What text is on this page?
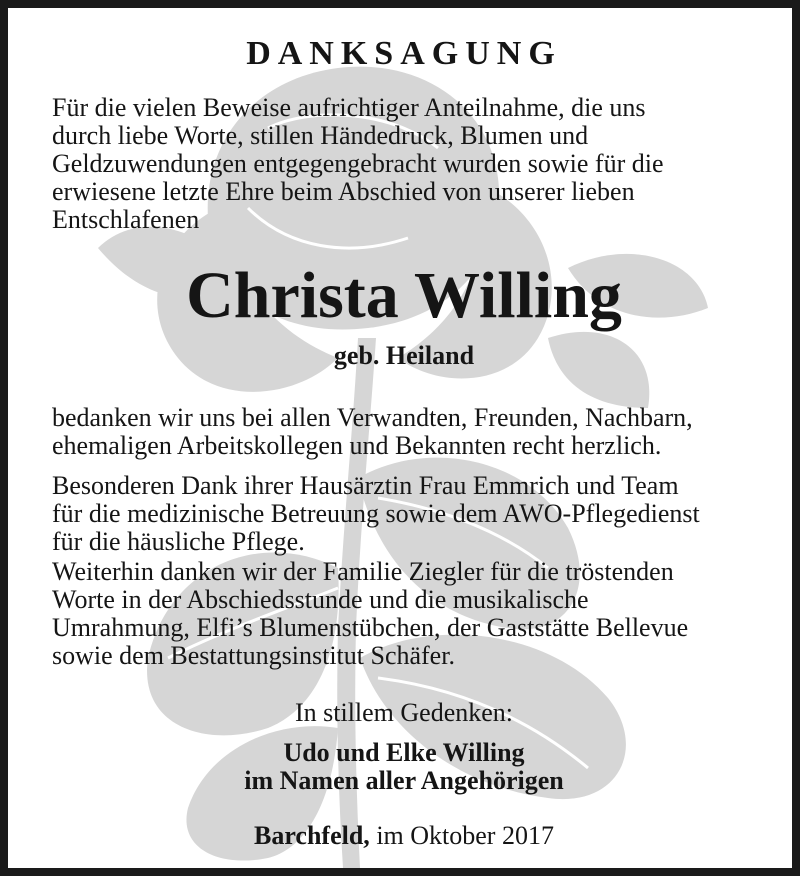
DANKSAGUNG

Für die vielen Beweise aufrichtiger Anteilnahme, die uns
durch liebe Worte, stillen Händedruck, Blumen und
Geldzuwendungen entgegengebracht wurden sowie für die
erwiesene letzte Ehre beim Abschied von unserer lieben
Entschlafenen

Christa Willing
geb. Heiland

bedanken wir uns bei allen Verwandten, Freunden, Nachbarn,
ehemaligen Arbeitskollegen und Bekannten recht herzlich.

Besonderen Dank ihrer Hausärztin Frau Emmrich und Team
für die medizinische Betreuung sowie dem AWO-Pflegedienst
für die häusliche Pflege.

Weiterhin danken wir der Familie Ziegler für die tröstenden
Worte in der Abschiedsstunde und die musikalische
Umrahmung, Elfi’s Blumenstübchen, der Gaststätte Bellevue
sowie dem Bestattungsinstitut Schäfer.

In stillem Gedenken:
Udo und Elke Willing
im Namen aller Angehörigen
Barchfeld, im Oktober 2017
